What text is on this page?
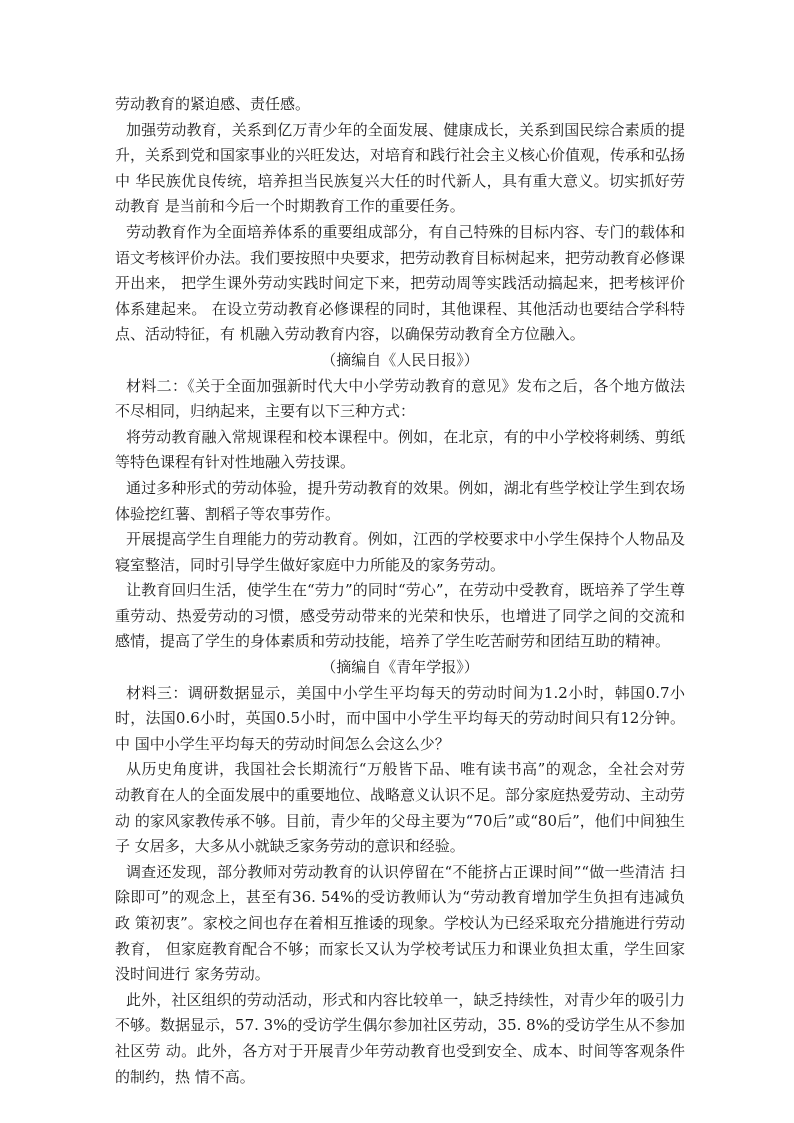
劳动教育的紧迫感、责任感。

加强劳动教育，关系到亿万青少年的全面发展、健康成长，关系到国民综合素质的提 升，关系到党和国家事业的兴旺发达，对培育和践行社会主义核心价值观，传承和弘扬中 华民族优良传统，培养担当民族复兴大任的时代新人，具有重大意义。切实抓好劳动教育 是当前和今后一个时期教育工作的重要任务。

劳动教育作为全面培养体系的重要组成部分，有自己特殊的目标内容、专门的载体和 语文考核评价办法。我们要按照中央要求，把劳动教育目标树起来，把劳动教育必修课开出来， 把学生课外劳动实践时间定下来，把劳动周等实践活动搞起来，把考核评价体系建起来。 在设立劳动教育必修课程的同时，其他课程、其他活动也要结合学科特点、活动特征，有 机融入劳动教育内容，以确保劳动教育全方位融入。

（摘编自《人民日报》）

材料二：《关于全面加强新时代大中小学劳动教育的意见》发布之后，各个地方做法 不尽相同，归纳起来，主要有以下三种方式：

将劳动教育融入常规课程和校本课程中。例如，在北京，有的中小学校将刺绣、剪纸 等特色课程有针对性地融入劳技课。

通过多种形式的劳动体验，提升劳动教育的效果。例如，湖北有些学校让学生到农场 体验挖红薯、割稻子等农事劳作。

开展提高学生自理能力的劳动教育。例如，江西的学校要求中小学生保持个人物品及 寝室整洁，同时引导学生做好家庭中力所能及的家务劳动。

让教育回归生活，使学生在“劳力”的同时“劳心”，在劳动中受教育，既培养了学生尊重劳动、热爱劳动的习惯，感受劳动带来的光荣和快乐，也增进了同学之间的交流和 感情，提高了学生的身体素质和劳动技能，培养了学生吃苦耐劳和团结互助的精神。

（摘编自《青年学报》）

材料三：调研数据显示，美国中小学生平均每天的劳动时间为1.2小时，韩国0.7小 时，法国0.6小时，英国0.5小时，而中国中小学生平均每天的劳动时间只有12分钟。中 国中小学生平均每天的劳动时间怎么会这么少？

从历史角度讲，我国社会长期流行“万般皆下品、唯有读书高”的观念，全社会对劳 动教育在人的全面发展中的重要地位、战略意义认识不足。部分家庭热爱劳动、主动劳动 的家风家教传承不够。目前，青少年的父母主要为“70后”或“80后”，他们中间独生子 女居多，大多从小就缺乏家务劳动的意识和经验。

调查还发现，部分教师对劳动教育的认识停留在“不能挤占正课时间”“做一些清洁 扫除即可”的观念上，甚至有36. 54%的受访教师认为“劳动教育增加学生负担有违减负政 策初衷”。家校之间也存在着相互推诿的现象。学校认为已经采取充分措施进行劳动教育， 但家庭教育配合不够；而家长又认为学校考试压力和课业负担太重，学生回家没时间进行 家务劳动。

此外，社区组织的劳动活动，形式和内容比较单一，缺乏持续性，对青少年的吸引力 不够。数据显示，57. 3%的受访学生偶尔参加社区劳动，35. 8%的受访学生从不参加社区劳 动。此外，各方对于开展青少年劳动教育也受到安全、成本、时间等客观条件的制约，热 情不高。
